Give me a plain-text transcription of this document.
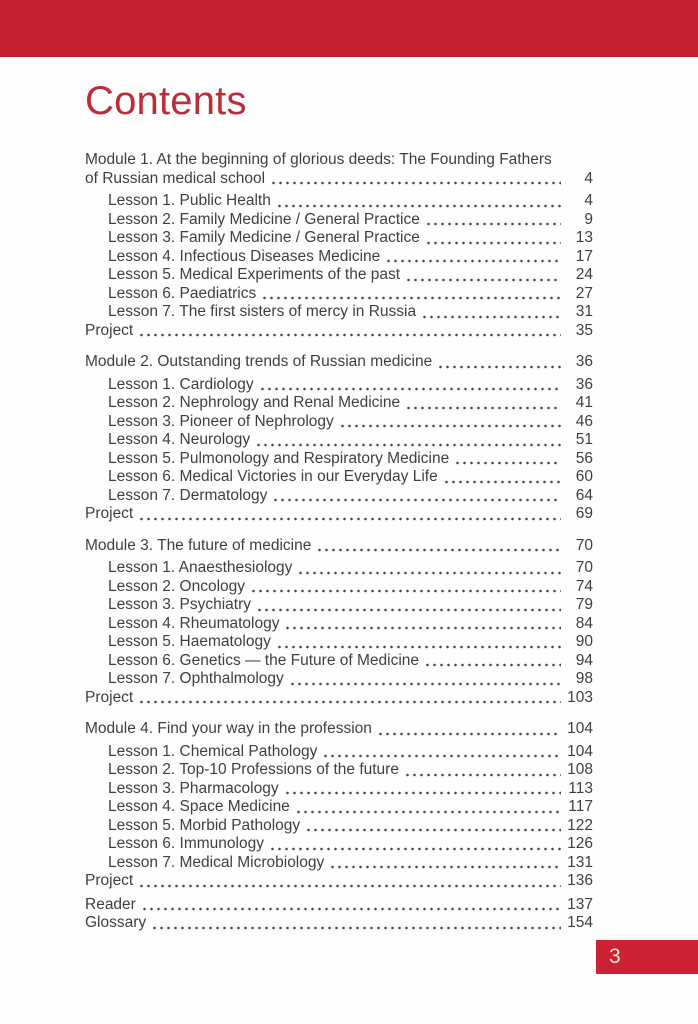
Contents
Module 1. At the beginning of glorious deeds: The Founding Fathers
of Russian medical school	4
Lesson 1. Public Health	4
Lesson 2. Family Medicine / General Practice	9
Lesson 3. Family Medicine / General Practice	13
Lesson 4. Infectious Diseases Medicine	17
Lesson 5. Medical Experiments of the past	24
Lesson 6. Paediatrics	27
Lesson 7. The first sisters of mercy in Russia	31
Project	35
Module 2. Outstanding trends of Russian medicine	36
Lesson 1. Cardiology	36
Lesson 2. Nephrology and Renal Medicine	41
Lesson 3. Pioneer of Nephrology	46
Lesson 4. Neurology	51
Lesson 5. Pulmonology and Respiratory Medicine	56
Lesson 6. Medical Victories in our Everyday Life	60
Lesson 7. Dermatology	64
Project	69
Module 3. The future of medicine	70
Lesson 1. Anaesthesiology	70
Lesson 2. Oncology	74
Lesson 3. Psychiatry	79
Lesson 4. Rheumatology	84
Lesson 5. Haematology	90
Lesson 6. Genetics — the Future of Medicine	94
Lesson 7. Ophthalmology	98
Project	103
Module 4. Find your way in the profession	104
Lesson 1. Chemical Pathology	104
Lesson 2. Top-10 Professions of the future	108
Lesson 3. Pharmacology	113
Lesson 4. Space Medicine	117
Lesson 5. Morbid Pathology	122
Lesson 6. Immunology	126
Lesson 7. Medical Microbiology	131
Project	136
Reader	137
Glossary	154
3
